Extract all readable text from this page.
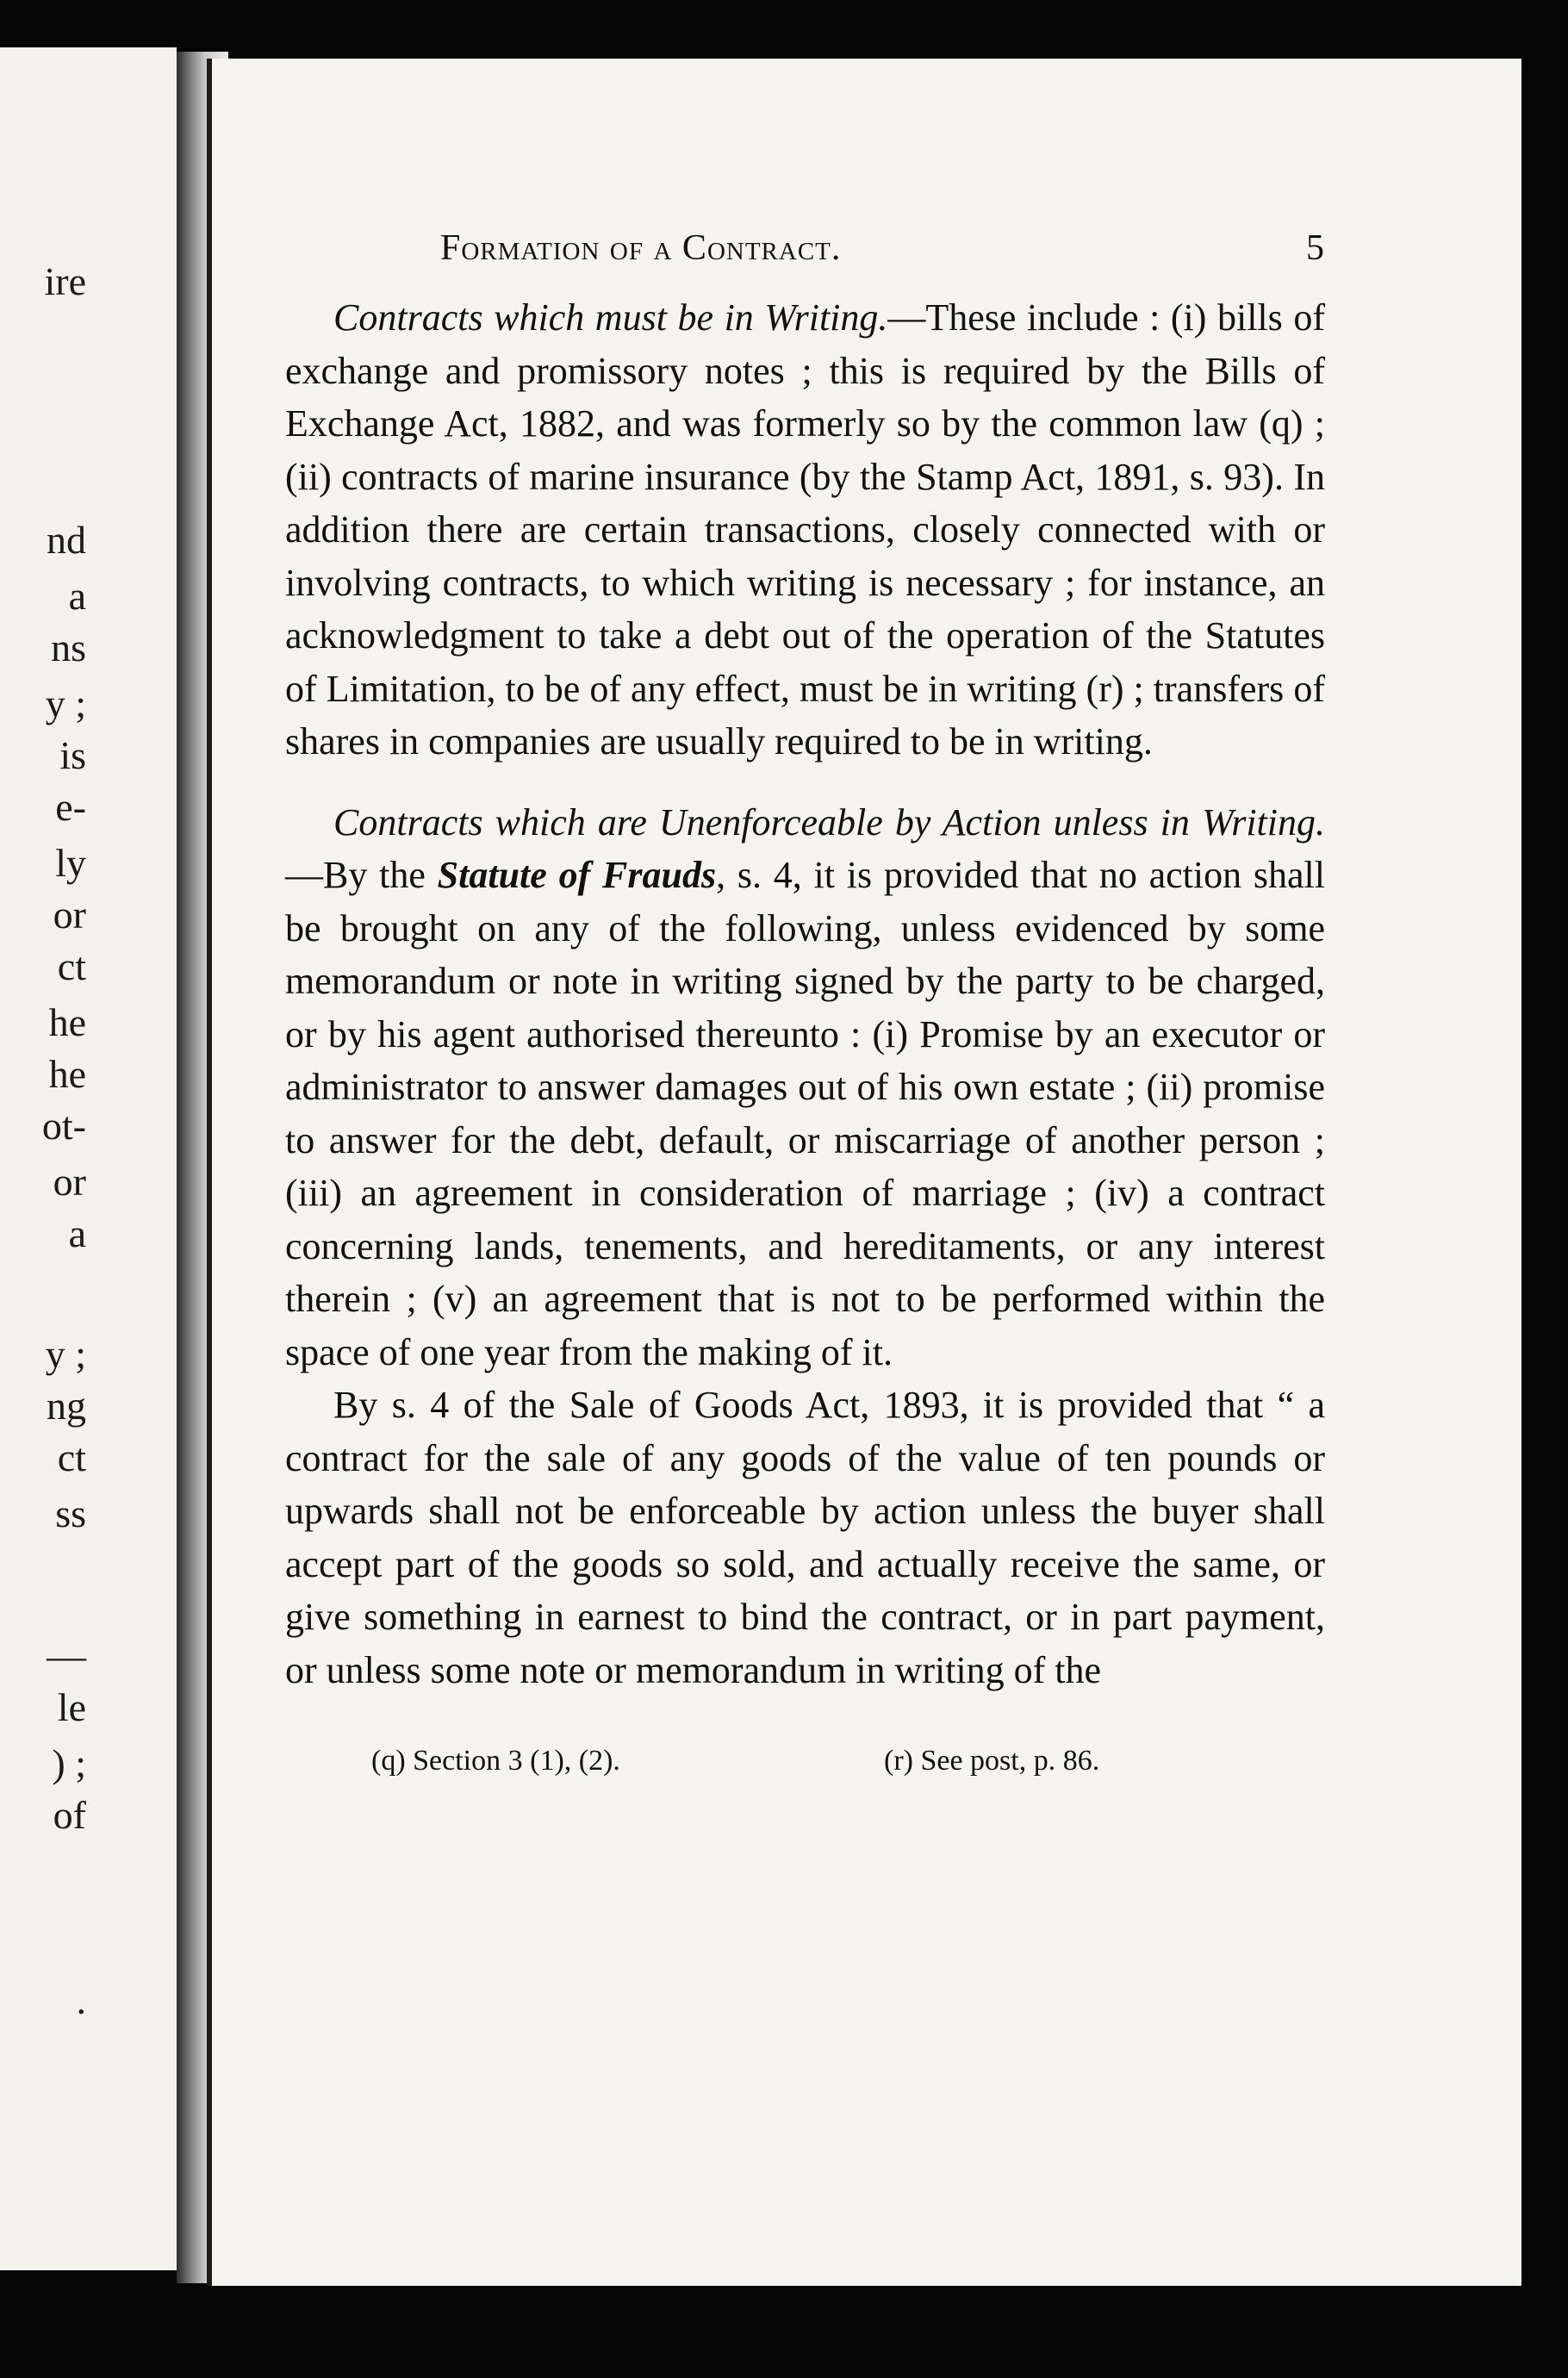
ire
nd
a
ns
y ;
is
e-
ly
or
ct
he
he
ot-
or
a
y ;
ng
ct
ss
—
le
) ;
of
.
Formation of a Contract.	5

Contracts which must be in Writing.—These include : (i) bills of exchange and promissory notes ; this is required by the Bills of Exchange Act, 1882, and was formerly so by the common law (q) ; (ii) contracts of marine insurance (by the Stamp Act, 1891, s. 93). In addition there are certain transactions, closely connected with or involving contracts, to which writing is necessary ; for instance, an acknowledgment to take a debt out of the operation of the Statutes of Limitation, to be of any effect, must be in writing (r) ; transfers of shares in companies are usually required to be in writing.

Contracts which are Unenforceable by Action unless in Writing.—By the Statute of Frauds, s. 4, it is provided that no action shall be brought on any of the following, unless evidenced by some memorandum or note in writing signed by the party to be charged, or by his agent authorised thereunto : (i) Promise by an executor or administrator to answer damages out of his own estate ; (ii) promise to answer for the debt, default, or miscarriage of another person ; (iii) an agreement in consideration of marriage ; (iv) a contract concerning lands, tenements, and hereditaments, or any interest therein ; (v) an agreement that is not to be performed within the space of one year from the making of it.

By s. 4 of the Sale of Goods Act, 1893, it is provided that “ a contract for the sale of any goods of the value of ten pounds or upwards shall not be enforceable by action unless the buyer shall accept part of the goods so sold, and actually receive the same, or give something in earnest to bind the contract, or in part payment, or unless some note or memorandum in writing of the

(q) Section 3 (1), (2).	(r) See post, p. 86.
